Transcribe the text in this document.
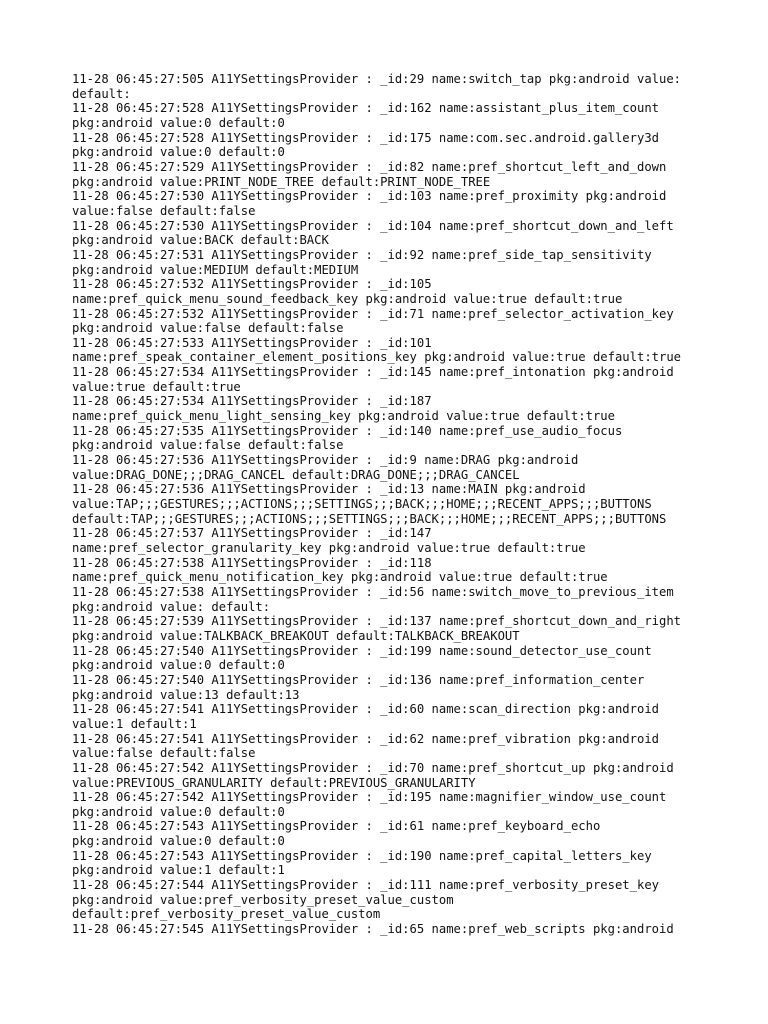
11-28 06:45:27:505 A11YSettingsProvider : _id:29 name:switch_tap pkg:android value:
default:
11-28 06:45:27:528 A11YSettingsProvider : _id:162 name:assistant_plus_item_count
pkg:android value:0 default:0
11-28 06:45:27:528 A11YSettingsProvider : _id:175 name:com.sec.android.gallery3d
pkg:android value:0 default:0
11-28 06:45:27:529 A11YSettingsProvider : _id:82 name:pref_shortcut_left_and_down
pkg:android value:PRINT_NODE_TREE default:PRINT_NODE_TREE
11-28 06:45:27:530 A11YSettingsProvider : _id:103 name:pref_proximity pkg:android
value:false default:false
11-28 06:45:27:530 A11YSettingsProvider : _id:104 name:pref_shortcut_down_and_left
pkg:android value:BACK default:BACK
11-28 06:45:27:531 A11YSettingsProvider : _id:92 name:pref_side_tap_sensitivity
pkg:android value:MEDIUM default:MEDIUM
11-28 06:45:27:532 A11YSettingsProvider : _id:105
name:pref_quick_menu_sound_feedback_key pkg:android value:true default:true
11-28 06:45:27:532 A11YSettingsProvider : _id:71 name:pref_selector_activation_key
pkg:android value:false default:false
11-28 06:45:27:533 A11YSettingsProvider : _id:101
name:pref_speak_container_element_positions_key pkg:android value:true default:true
11-28 06:45:27:534 A11YSettingsProvider : _id:145 name:pref_intonation pkg:android
value:true default:true
11-28 06:45:27:534 A11YSettingsProvider : _id:187
name:pref_quick_menu_light_sensing_key pkg:android value:true default:true
11-28 06:45:27:535 A11YSettingsProvider : _id:140 name:pref_use_audio_focus
pkg:android value:false default:false
11-28 06:45:27:536 A11YSettingsProvider : _id:9 name:DRAG pkg:android
value:DRAG_DONE;;;DRAG_CANCEL default:DRAG_DONE;;;DRAG_CANCEL
11-28 06:45:27:536 A11YSettingsProvider : _id:13 name:MAIN pkg:android
value:TAP;;;GESTURES;;;ACTIONS;;;SETTINGS;;;BACK;;;HOME;;;RECENT_APPS;;;BUTTONS
default:TAP;;;GESTURES;;;ACTIONS;;;SETTINGS;;;BACK;;;HOME;;;RECENT_APPS;;;BUTTONS
11-28 06:45:27:537 A11YSettingsProvider : _id:147
name:pref_selector_granularity_key pkg:android value:true default:true
11-28 06:45:27:538 A11YSettingsProvider : _id:118
name:pref_quick_menu_notification_key pkg:android value:true default:true
11-28 06:45:27:538 A11YSettingsProvider : _id:56 name:switch_move_to_previous_item
pkg:android value: default:
11-28 06:45:27:539 A11YSettingsProvider : _id:137 name:pref_shortcut_down_and_right
pkg:android value:TALKBACK_BREAKOUT default:TALKBACK_BREAKOUT
11-28 06:45:27:540 A11YSettingsProvider : _id:199 name:sound_detector_use_count
pkg:android value:0 default:0
11-28 06:45:27:540 A11YSettingsProvider : _id:136 name:pref_information_center
pkg:android value:13 default:13
11-28 06:45:27:541 A11YSettingsProvider : _id:60 name:scan_direction pkg:android
value:1 default:1
11-28 06:45:27:541 A11YSettingsProvider : _id:62 name:pref_vibration pkg:android
value:false default:false
11-28 06:45:27:542 A11YSettingsProvider : _id:70 name:pref_shortcut_up pkg:android
value:PREVIOUS_GRANULARITY default:PREVIOUS_GRANULARITY
11-28 06:45:27:542 A11YSettingsProvider : _id:195 name:magnifier_window_use_count
pkg:android value:0 default:0
11-28 06:45:27:543 A11YSettingsProvider : _id:61 name:pref_keyboard_echo
pkg:android value:0 default:0
11-28 06:45:27:543 A11YSettingsProvider : _id:190 name:pref_capital_letters_key
pkg:android value:1 default:1
11-28 06:45:27:544 A11YSettingsProvider : _id:111 name:pref_verbosity_preset_key
pkg:android value:pref_verbosity_preset_value_custom
default:pref_verbosity_preset_value_custom
11-28 06:45:27:545 A11YSettingsProvider : _id:65 name:pref_web_scripts pkg:android
